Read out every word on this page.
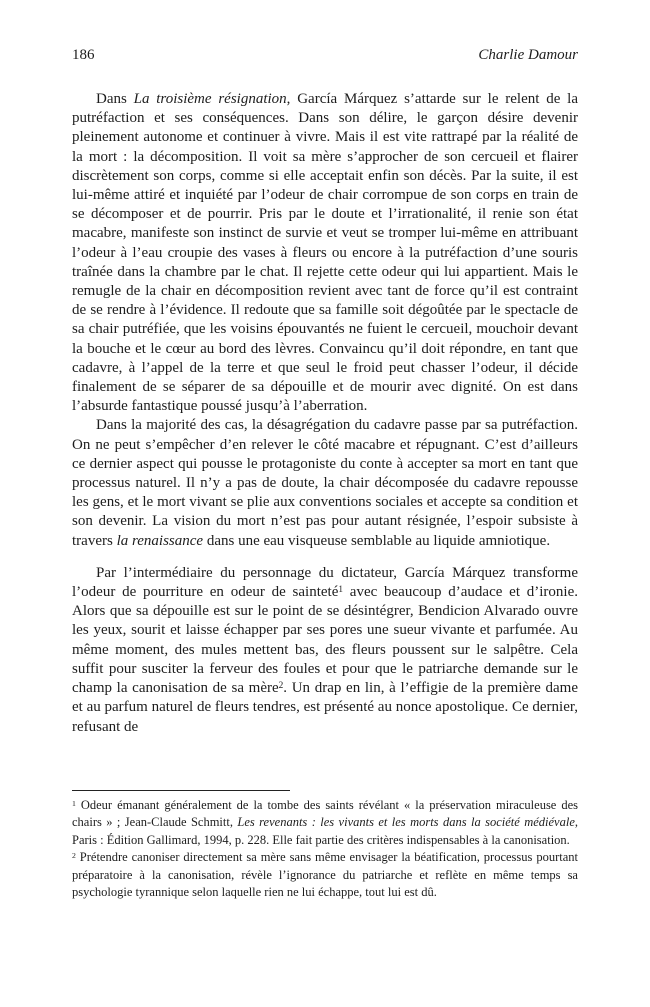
186	Charlie Damour

Dans La troisième résignation, García Márquez s’attarde sur le relent de la putréfaction et ses conséquences. Dans son délire, le garçon désire devenir pleinement autonome et continuer à vivre. Mais il est vite rattrapé par la réalité de la mort : la décomposition. Il voit sa mère s’approcher de son cercueil et flairer discrètement son corps, comme si elle acceptait enfin son décès. Par la suite, il est lui-même attiré et inquiété par l’odeur de chair corrompue de son corps en train de se décomposer et de pourrir. Pris par le doute et l’irrationalité, il renie son état macabre, manifeste son instinct de survie et veut se tromper lui-même en attribuant l’odeur à l’eau croupie des vases à fleurs ou encore à la putréfaction d’une souris traînée dans la chambre par le chat. Il rejette cette odeur qui lui appartient. Mais le remugle de la chair en décomposition revient avec tant de force qu’il est contraint de se rendre à l’évidence. Il redoute que sa famille soit dégoûtée par le spectacle de sa chair putréfiée, que les voisins épouvantés ne fuient le cercueil, mouchoir devant la bouche et le cœur au bord des lèvres. Convaincu qu’il doit répondre, en tant que cadavre, à l’appel de la terre et que seul le froid peut chasser l’odeur, il décide finalement de se séparer de sa dépouille et de mourir avec dignité. On est dans l’absurde fantastique poussé jusqu’à l’aberration.

Dans la majorité des cas, la désagrégation du cadavre passe par sa putréfaction. On ne peut s’empêcher d’en relever le côté macabre et répugnant. C’est d’ailleurs ce dernier aspect qui pousse le protagoniste du conte à accepter sa mort en tant que processus naturel. Il n’y a pas de doute, la chair décomposée du cadavre repousse les gens, et le mort vivant se plie aux conventions sociales et accepte sa condition et son devenir. La vision du mort n’est pas pour autant résignée, l’espoir subsiste à travers la renaissance dans une eau visqueuse semblable au liquide amniotique.

Par l’intermédiaire du personnage du dictateur, García Márquez transforme l’odeur de pourriture en odeur de sainteté$^1$ avec beaucoup d’audace et d’ironie. Alors que sa dépouille est sur le point de se désintégrer, Bendicion Alvarado ouvre les yeux, sourit et laisse échapper par ses pores une sueur vivante et parfumée. Au même moment, des mules mettent bas, des fleurs poussent sur le salpêtre. Cela suffit pour susciter la ferveur des foules et pour que le patriarche demande sur le champ la canonisation de sa mère$^2$. Un drap en lin, à l’effigie de la première dame et au parfum naturel de fleurs tendres, est présenté au nonce apostolique. Ce dernier, refusant de

$^1$ Odeur émanant généralement de la tombe des saints révélant « la préservation miraculeuse des chairs » ; Jean-Claude Schmitt, Les revenants : les vivants et les morts dans la société médiévale, Paris : Édition Gallimard, 1994, p. 228. Elle fait partie des critères indispensables à la canonisation.

$^2$ Prétendre canoniser directement sa mère sans même envisager la béatification, processus pourtant préparatoire à la canonisation, révèle l’ignorance du patriarche et reflète en même temps sa psychologie tyrannique selon laquelle rien ne lui échappe, tout lui est dû.
